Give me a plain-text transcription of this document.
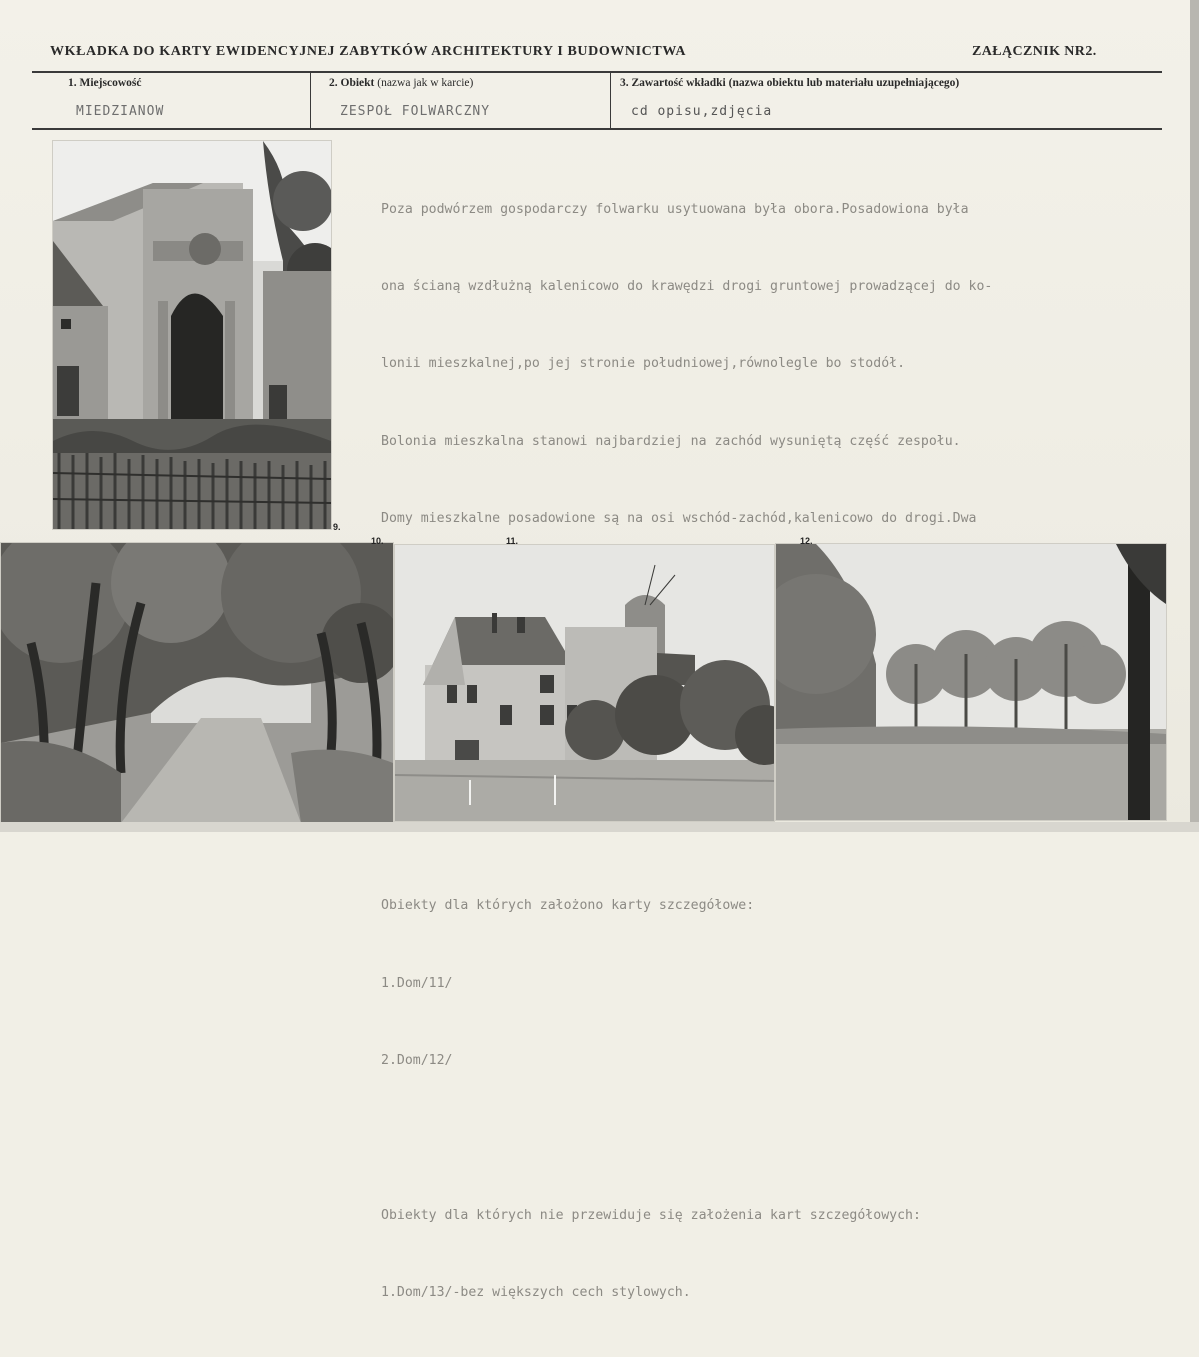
WKŁADKA DO KARTY EWIDENCYJNEJ ZABYTKÓW ARCHITEKTURY I BUDOWNICTWA	ZAŁĄCZNIK NR2.
1. Miejscowość
MIEDZIANOW
2. Obiekt (nazwa jak w karcie)
ZESPOŁ FOLWARCZNY
3. Zawartość wkładki (nazwa obiektu lub materiału uzupełniającego)
cd opisu,zdjęcia

Poza podwórzem gospodarczy folwarku usytuowana była obora.Posadowiona była

ona ścianą wzdłużną kalenicowo do krawędzi drogi gruntowej prowadzącej do ko-

lonii mieszkalnej,po jej stronie południowej,równolegle bo stodół.

Bolonia mieszkalna stanowi najbardziej na zachód wysuniętą część zespołu.

Domy mieszkalne posadowione są na osi wschód-zachód,kalenicowo do drogi.Dwa

Obiekty dla których założono karty szczegółowe:

1.Dom/11/

2.Dom/12/

Obiekty dla których nie przewiduje się założenia kart szczegółowych:

1.Dom/13/-bez większych cech stylowych.

9.
10.	11.	12.
